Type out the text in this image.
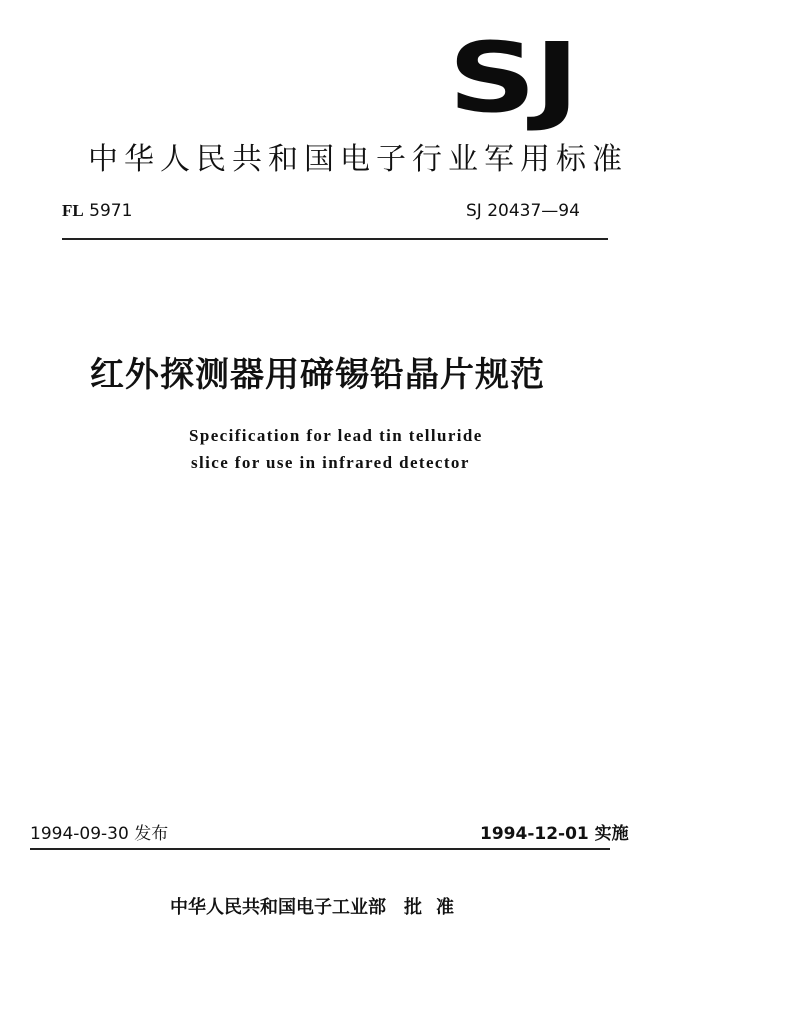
SJ
中华人民共和国电子行业军用标准
FL 5971	SJ 20437—94
红外探测器用碲锡铅晶片规范
Specification for lead tin telluride
slice for use in infrared detector
1994-09-30 发布	1994-12-01 实施
中华人民共和国电子工业部 批 准
